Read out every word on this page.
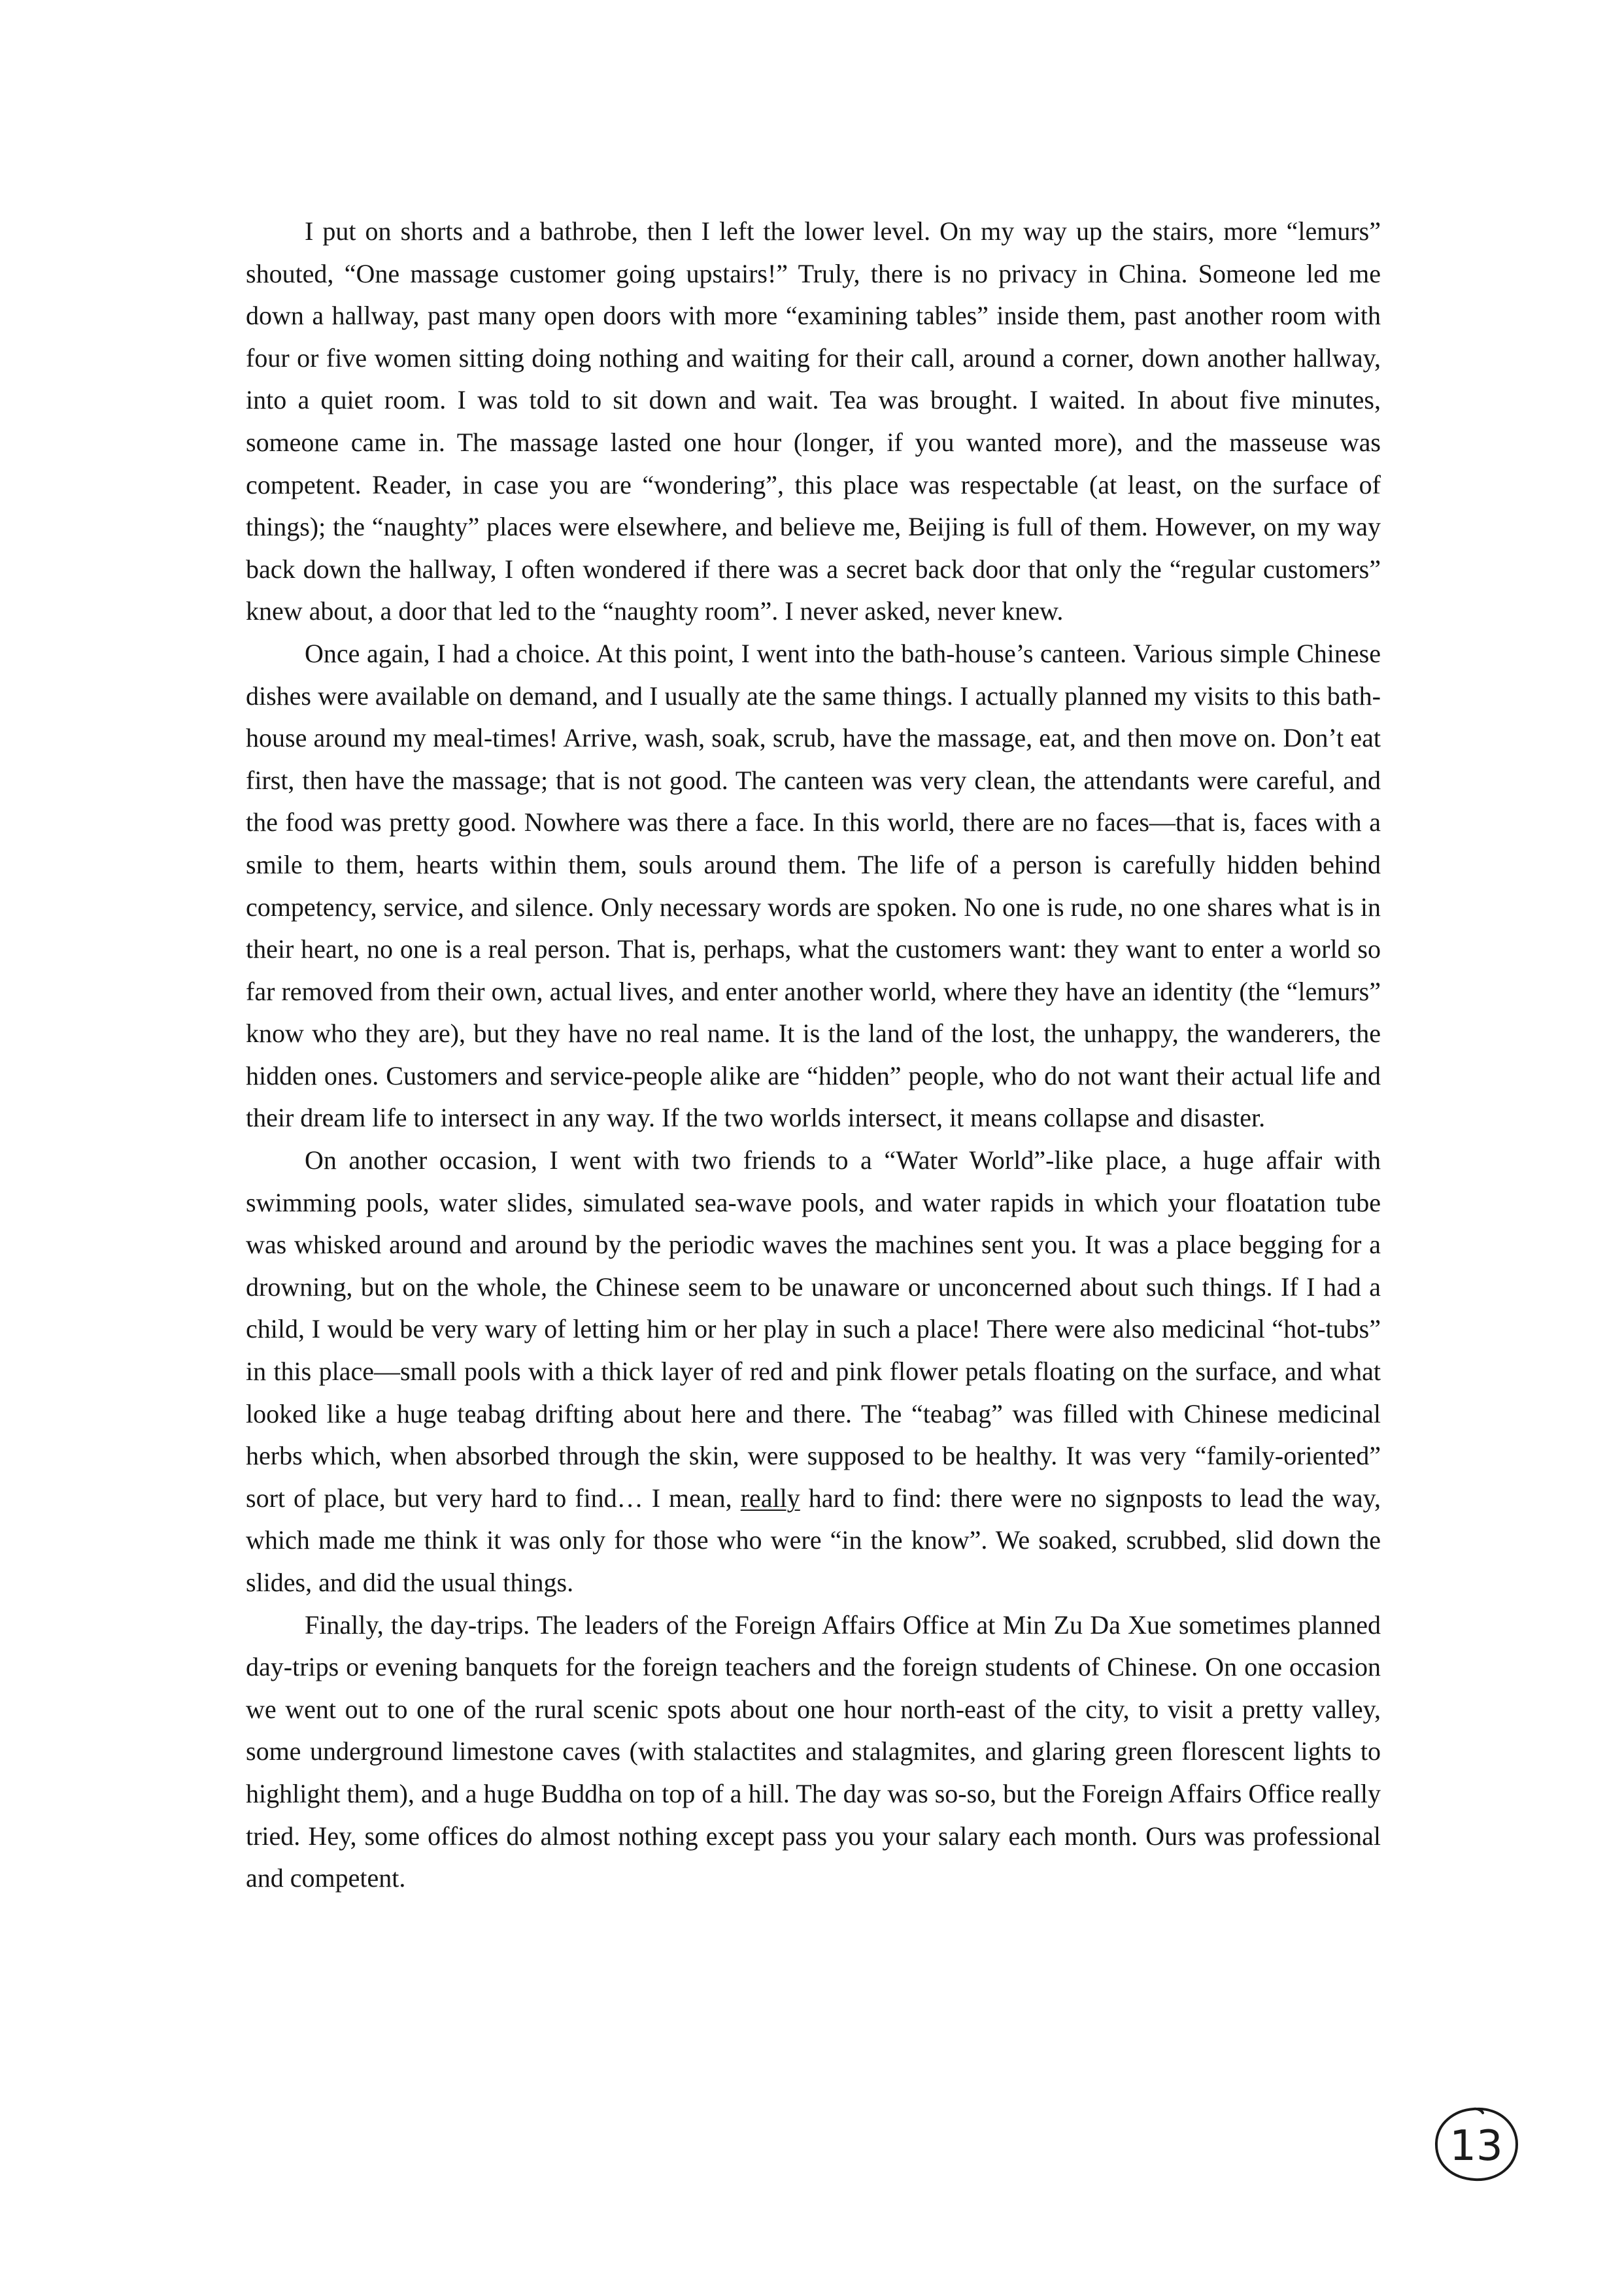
I put on shorts and a bathrobe, then I left the lower level. On my way up the stairs, more “lemurs” shouted, “One massage customer going upstairs!” Truly, there is no privacy in China. Someone led me down a hallway, past many open doors with more “examining tables” inside them, past another room with four or five women sitting doing nothing and waiting for their call, around a corner, down another hallway, into a quiet room. I was told to sit down and wait. Tea was brought. I waited. In about five minutes, someone came in. The massage lasted one hour (longer, if you wanted more), and the masseuse was competent. Reader, in case you are “wondering”, this place was respectable (at least, on the surface of things); the “naughty” places were elsewhere, and believe me, Beijing is full of them. However, on my way back down the hallway, I often wondered if there was a secret back door that only the “regular customers” knew about, a door that led to the “naughty room”. I never asked, never knew.

Once again, I had a choice. At this point, I went into the bath-house’s canteen. Various simple Chinese dishes were available on demand, and I usually ate the same things. I actually planned my visits to this bath-house around my meal-times! Arrive, wash, soak, scrub, have the massage, eat, and then move on. Don’t eat first, then have the massage; that is not good. The canteen was very clean, the attendants were careful, and the food was pretty good. Nowhere was there a face. In this world, there are no faces—that is, faces with a smile to them, hearts within them, souls around them. The life of a person is carefully hidden behind competency, service, and silence. Only necessary words are spoken. No one is rude, no one shares what is in their heart, no one is a real person. That is, perhaps, what the customers want: they want to enter a world so far removed from their own, actual lives, and enter another world, where they have an identity (the “lemurs” know who they are), but they have no real name. It is the land of the lost, the unhappy, the wanderers, the hidden ones. Customers and service-people alike are “hidden” people, who do not want their actual life and their dream life to intersect in any way. If the two worlds intersect, it means collapse and disaster.

On another occasion, I went with two friends to a “Water World”-like place, a huge affair with swimming pools, water slides, simulated sea-wave pools, and water rapids in which your floatation tube was whisked around and around by the periodic waves the machines sent you. It was a place begging for a drowning, but on the whole, the Chinese seem to be unaware or unconcerned about such things. If I had a child, I would be very wary of letting him or her play in such a place! There were also medicinal “hot-tubs” in this place—small pools with a thick layer of red and pink flower petals floating on the surface, and what looked like a huge teabag drifting about here and there. The “teabag” was filled with Chinese medicinal herbs which, when absorbed through the skin, were supposed to be healthy. It was very “family-oriented” sort of place, but very hard to find… I mean, really hard to find: there were no signposts to lead the way, which made me think it was only for those who were “in the know”. We soaked, scrubbed, slid down the slides, and did the usual things.

Finally, the day-trips. The leaders of the Foreign Affairs Office at Min Zu Da Xue sometimes planned day-trips or evening banquets for the foreign teachers and the foreign students of Chinese. On one occasion we went out to one of the rural scenic spots about one hour north-east of the city, to visit a pretty valley, some underground limestone caves (with stalactites and stalagmites, and glaring green florescent lights to highlight them), and a huge Buddha on top of a hill. The day was so-so, but the Foreign Affairs Office really tried. Hey, some offices do almost nothing except pass you your salary each month. Ours was professional and competent.

13
